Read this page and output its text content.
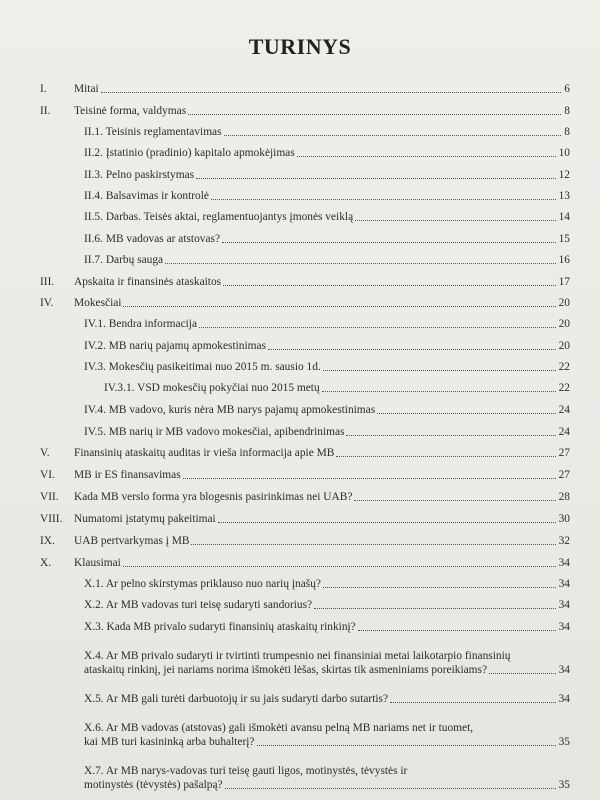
TURINYS
I.	Mitai	6
II.	Teisinė forma, valdymas	8
II.1. Teisinis reglamentavimas	8
II.2. Įstatinio (pradinio) kapitalo apmokėjimas	10
II.3. Pelno paskirstymas	12
II.4. Balsavimas ir kontrolė	13
II.5. Darbas. Teisės aktai, reglamentuojantys įmonės veiklą	14
II.6. MB vadovas ar atstovas?	15
II.7. Darbų sauga	16
III.	Apskaita ir finansinės ataskaitos	17
IV.	Mokesčiai	20
IV.1. Bendra informacija	20
IV.2. MB narių pajamų apmokestinimas	20
IV.3. Mokesčių pasikeitimai nuo 2015 m. sausio 1d.	22
IV.3.1. VSD mokesčių pokyčiai nuo 2015 metų	22
IV.4. MB vadovo, kuris nėra MB narys pajamų apmokestinimas	24
IV.5. MB narių ir MB vadovo mokesčiai, apibendrinimas	24
V.	Finansinių ataskaitų auditas ir vieša informacija apie MB	27
VI.	MB ir ES finansavimas	27
VII.	Kada MB verslo forma yra blogesnis pasirinkimas nei UAB?	28
VIII.	Numatomi įstatymų pakeitimai	30
IX.	UAB pertvarkymas į MB	32
X.	Klausimai	34
X.1. Ar pelno skirstymas priklauso nuo narių įnašų?	34
X.2. Ar MB vadovas turi teisę sudaryti sandorius?	34
X.3. Kada MB privalo sudaryti finansinių ataskaitų rinkinį?	34
X.4. Ar MB privalo sudaryti ir tvirtinti trumpesnio nei finansiniai metai laikotarpio finansinių
ataskaitų rinkinį, jei nariams norima išmokėti lėšas, skirtas tik asmeniniams poreikiams?	34
X.5. Ar MB gali turėti darbuotojų ir su jais sudaryti darbo sutartis?	34
X.6. Ar MB vadovas (atstovas) gali išmokėti avansu pelną MB nariams net ir tuomet,
kai MB turi kasininką arba buhalterį?	35
X.7. Ar MB narys-vadovas turi teisę gauti ligos, motinystės, tėvystės ir
motinystės (tėvystės) pašalpą?	35
